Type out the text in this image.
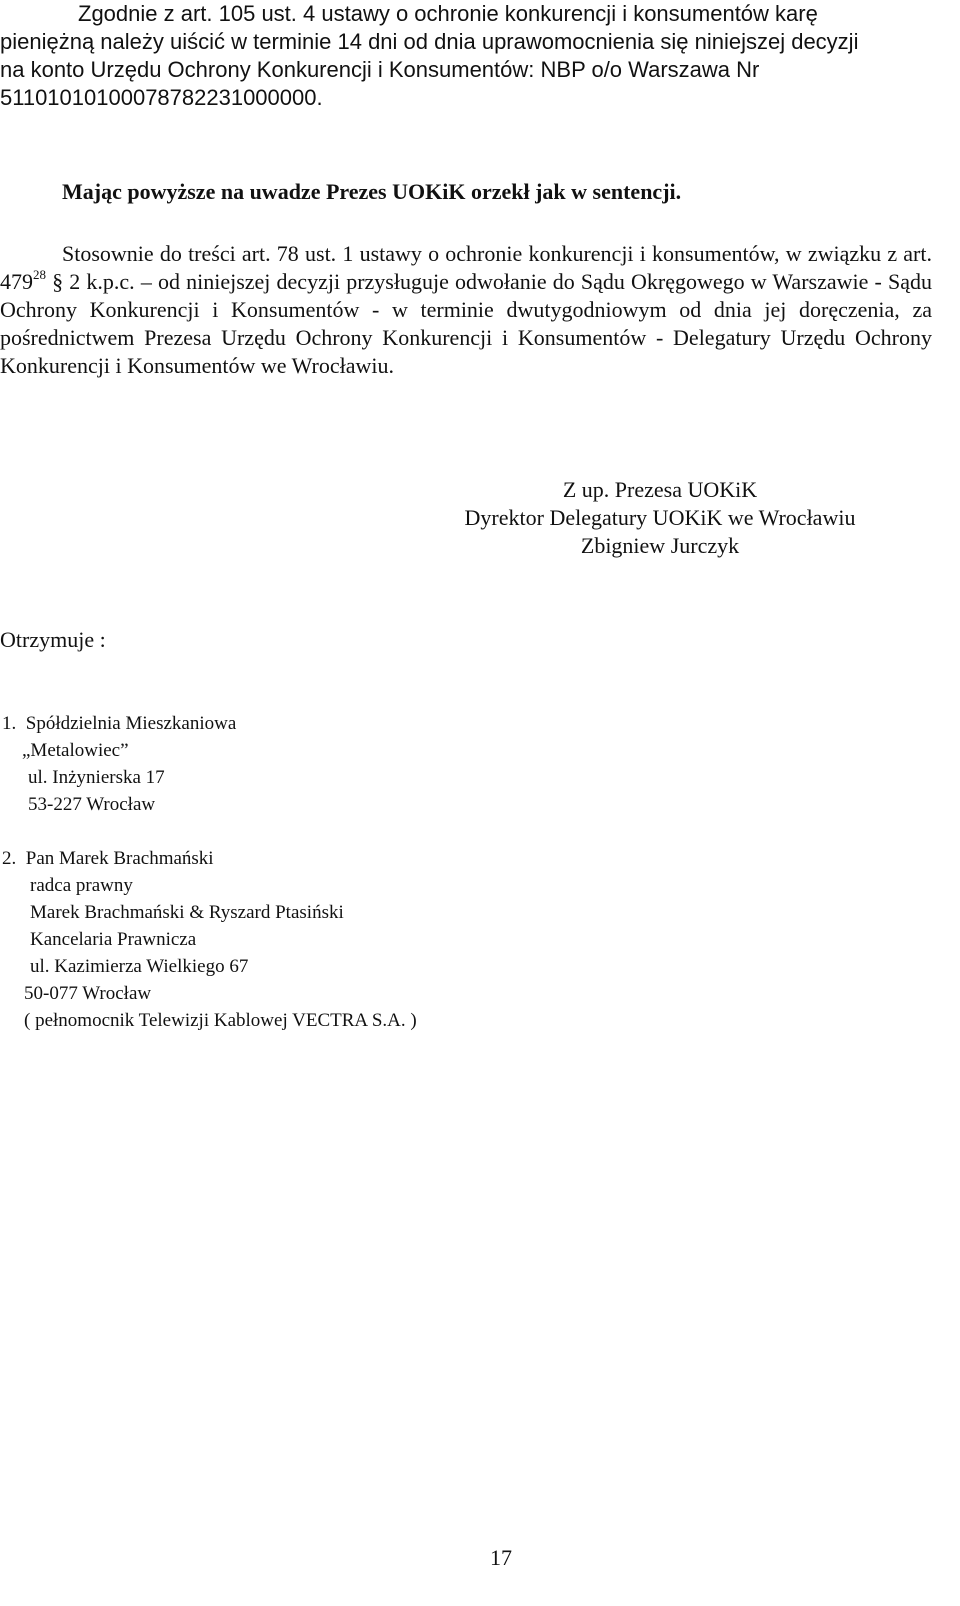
Zgodnie z art. 105 ust. 4 ustawy o ochronie konkurencji i konsumentów karę
pieniężną należy uiścić w terminie 14 dni od dnia uprawomocnienia się niniejszej decyzji
na konto Urzędu Ochrony Konkurencji i Konsumentów: NBP o/o Warszawa Nr
51101010100078782231000000.
Mając powyższe na uwadze Prezes UOKiK orzekł jak w sentencji.
Stosownie do treści art. 78 ust. 1 ustawy o ochronie konkurencji i konsumentów, w związku z art. $479^{28}$ § 2 k.p.c. – od niniejszej decyzji przysługuje odwołanie do Sądu Okręgowego w Warszawie - Sądu Ochrony Konkurencji i Konsumentów - w terminie dwutygodniowym od dnia jej doręczenia, za pośrednictwem Prezesa Urzędu Ochrony Konkurencji i Konsumentów - Delegatury Urzędu Ochrony Konkurencji i Konsumentów we Wrocławiu.
Z up. Prezesa UOKiK
Dyrektor Delegatury UOKiK we Wrocławiu
Zbigniew Jurczyk
Otrzymuje :
1. Spółdzielnia Mieszkaniowa
„Metalowiec”
ul. Inżynierska 17
53-227 Wrocław
2. Pan Marek Brachmański
radca prawny
Marek Brachmański & Ryszard Ptasiński
Kancelaria Prawnicza
ul. Kazimierza Wielkiego 67
50-077 Wrocław
( pełnomocnik Telewizji Kablowej VECTRA S.A. )
17
